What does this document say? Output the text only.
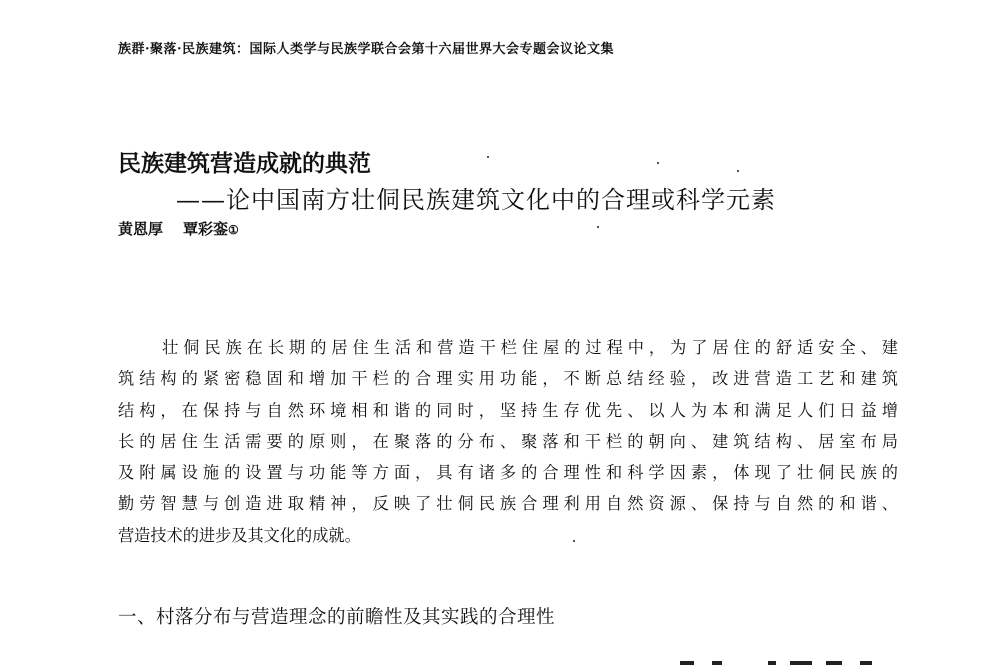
族群·聚落·民族建筑：国际人类学与民族学联合会第十六届世界大会专题会议论文集
民族建筑营造成就的典范
——论中国南方壮侗民族建筑文化中的合理或科学元素
黄恩厚 覃彩銮①
壮侗民族在长期的居住生活和营造干栏住屋的过程中，为了居住的舒适安全、建
筑结构的紧密稳固和增加干栏的合理实用功能，不断总结经验，改进营造工艺和建筑
结构，在保持与自然环境相和谐的同时，坚持生存优先、以人为本和满足人们日益增
长的居住生活需要的原则，在聚落的分布、聚落和干栏的朝向、建筑结构、居室布局
及附属设施的设置与功能等方面，具有诸多的合理性和科学因素，体现了壮侗民族的
勤劳智慧与创造进取精神，反映了壮侗民族合理利用自然资源、保持与自然的和谐、
营造技术的进步及其文化的成就。
一、村落分布与营造理念的前瞻性及其实践的合理性
